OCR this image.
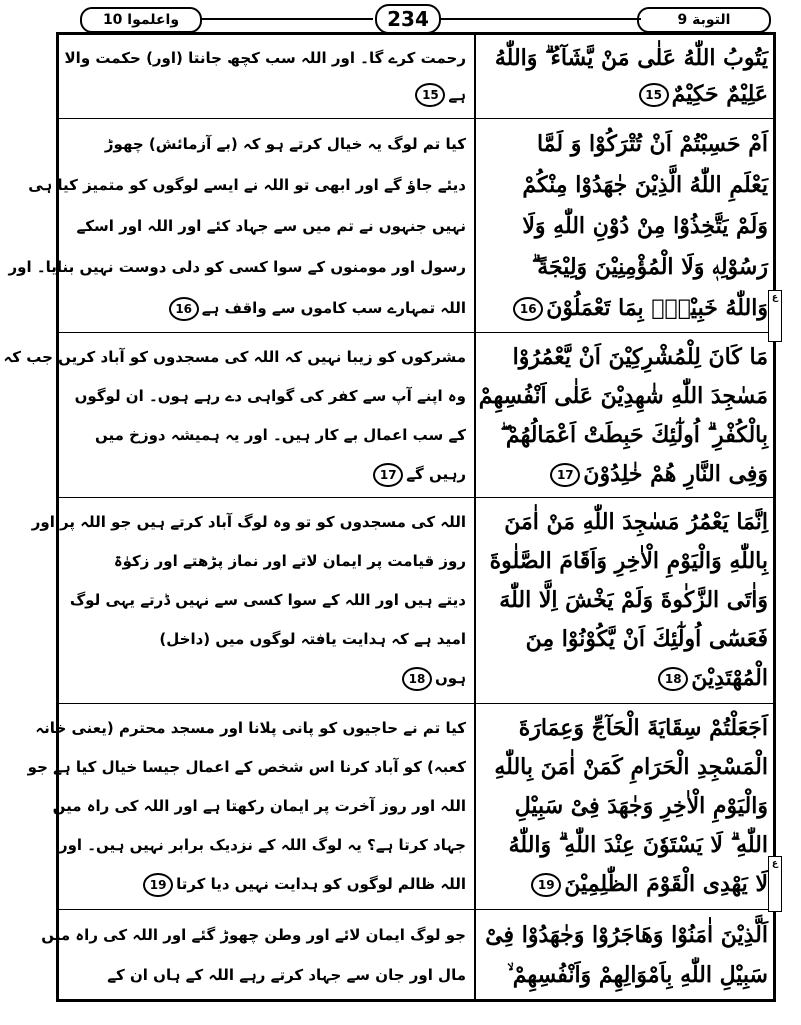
واعلموا 10	234	التوبة 9
ع
ع
يَتُوبُ اللّٰهُ عَلٰى مَنْ يَّشَآءُ ۗ وَاللّٰهُ
عَلِيْمٌ حَكِيْمٌ15
رحمت کرے گا۔ اور اللہ سب کچھ جانتا (اور) حکمت والا
ہے15
اَمْ حَسِبْتُمْ اَنْ تُتْرَكُوْا وَ لَمَّا
يَعْلَمِ اللّٰهُ الَّذِيْنَ جٰهَدُوْا مِنْكُمْ
وَلَمْ يَتَّخِذُوْا مِنْ دُوْنِ اللّٰهِ وَلَا
رَسُوْلِهٖ وَلَا الْمُؤْمِنِيْنَ وَلِيْجَةً ۗ
وَاللّٰهُ خَبِيْرٌۢ بِمَا تَعْمَلُوْنَ16
کیا تم لوگ یہ خیال کرتے ہو کہ (بے آزمائش) چھوڑ
دیئے جاؤ گے اور ابھی تو اللہ نے ایسے لوگوں کو متمیز کیا ہی
نہیں جنہوں نے تم میں سے جہاد کئے اور اللہ اور اسکے
رسول اور مومنوں کے سوا کسی کو دلی دوست نہیں بنایا۔ اور
اللہ تمہارے سب کاموں سے واقف ہے16
مَا كَانَ لِلْمُشْرِكِيْنَ اَنْ يَّعْمُرُوْا
مَسٰجِدَ اللّٰهِ شٰهِدِيْنَ عَلٰى اَنْفُسِهِمْ
بِالْكُفْرِ ۗ اُولٰٓئِكَ حَبِطَتْ اَعْمَالُهُمْ ۖ
وَفِى النَّارِ هُمْ خٰلِدُوْنَ17
مشرکوں کو زیبا نہیں کہ اللہ کی مسجدوں کو آباد کریں جب کہ
وہ اپنے آپ سے کفر کی گواہی دے رہے ہوں۔ ان لوگوں
کے سب اعمال بے کار ہیں۔ اور یہ ہمیشہ دوزخ میں
رہیں گے17
اِنَّمَا يَعْمُرُ مَسٰجِدَ اللّٰهِ مَنْ اٰمَنَ
بِاللّٰهِ وَالْيَوْمِ الْاٰخِرِ وَاَقَامَ الصَّلٰوةَ
وَاٰتَى الزَّكٰوةَ وَلَمْ يَخْشَ اِلَّا اللّٰهَ
فَعَسٰٓى اُولٰٓئِكَ اَنْ يَّكُوْنُوْا مِنَ
الْمُهْتَدِيْنَ18
اللہ کی مسجدوں کو تو وہ لوگ آباد کرتے ہیں جو اللہ پر اور
روز قیامت پر ایمان لاتے اور نماز پڑھتے اور زکوٰۃ
دیتے ہیں اور اللہ کے سوا کسی سے نہیں ڈرتے یہی لوگ
امید ہے کہ ہدایت یافتہ لوگوں میں (داخل)
ہوں18
اَجَعَلْتُمْ سِقَايَةَ الْحَآجِّ وَعِمَارَةَ
الْمَسْجِدِ الْحَرَامِ كَمَنْ اٰمَنَ بِاللّٰهِ
وَالْيَوْمِ الْاٰخِرِ وَجٰهَدَ فِىْ سَبِيْلِ
اللّٰهِ ۗ لَا يَسْتَوٗنَ عِنْدَ اللّٰهِ ۗ وَاللّٰهُ
لَا يَهْدِى الْقَوْمَ الظّٰلِمِيْنَ19
کیا تم نے حاجیوں کو پانی پلانا اور مسجد محترم (یعنی خانہ
کعبہ) کو آباد کرنا اس شخص کے اعمال جیسا خیال کیا ہے جو
اللہ اور روز آخرت پر ایمان رکھتا ہے اور اللہ کی راہ میں
جہاد کرتا ہے؟ یہ لوگ اللہ کے نزدیک برابر نہیں ہیں۔ اور
اللہ ظالم لوگوں کو ہدایت نہیں دیا کرتا19
اَلَّذِيْنَ اٰمَنُوْا وَهَاجَرُوْا وَجٰهَدُوْا فِىْ
سَبِيْلِ اللّٰهِ بِاَمْوَالِهِمْ وَاَنْفُسِهِمْ ۙ
جو لوگ ایمان لائے اور وطن چھوڑ گئے اور اللہ کی راہ میں
مال اور جان سے جہاد کرتے رہے اللہ کے ہاں ان کے
